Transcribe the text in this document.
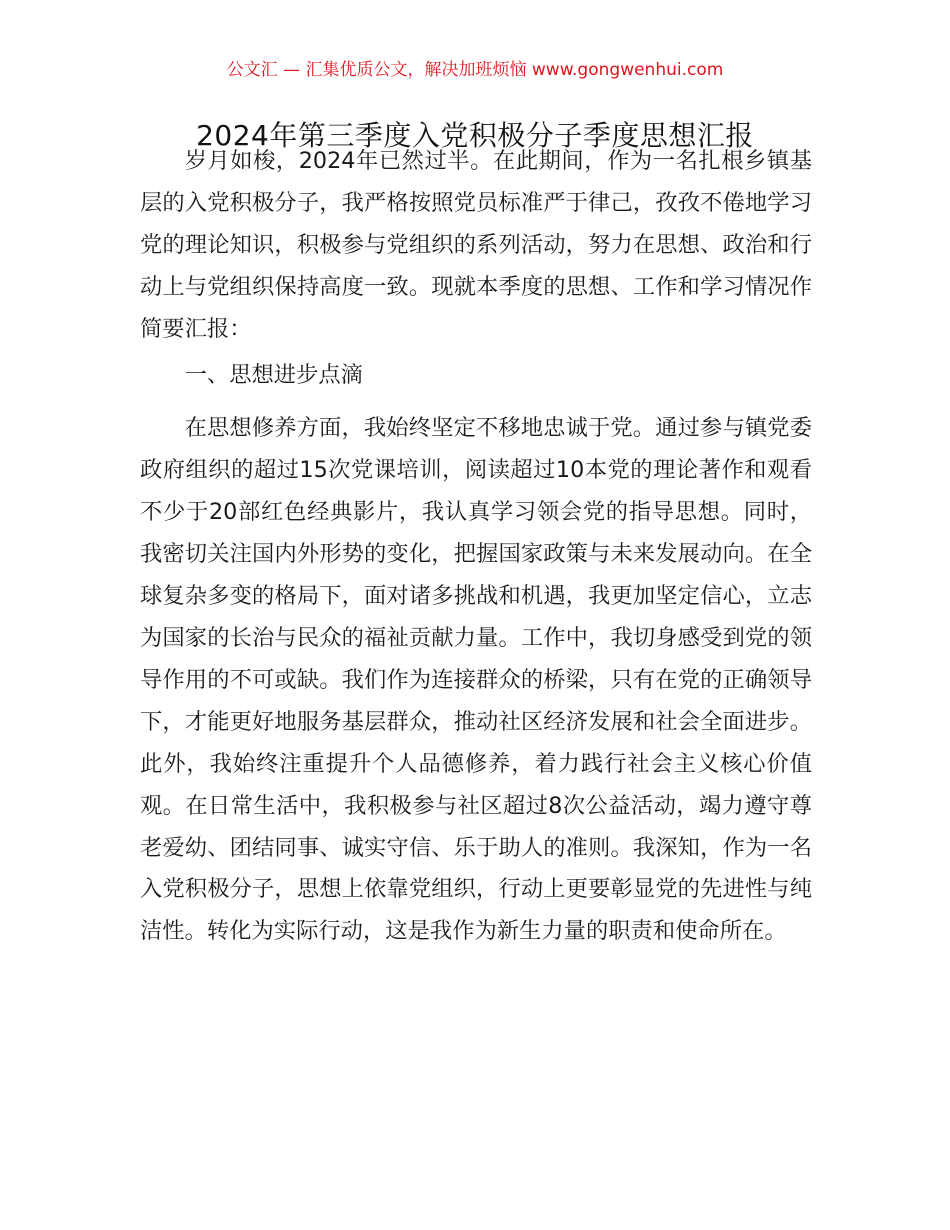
公文汇 — 汇集优质公文，解决加班烦恼 www.gongwenhui.com
2024年第三季度入党积极分子季度思想汇报

岁月如梭，2024年已然过半。在此期间，作为一名扎根乡镇基层的入党积极分子，我严格按照党员标准严于律己，孜孜不倦地学习党的理论知识，积极参与党组织的系列活动，努力在思想、政治和行动上与党组织保持高度一致。现就本季度的思想、工作和学习情况作简要汇报：

一、思想进步点滴

在思想修养方面，我始终坚定不移地忠诚于党。通过参与镇党委政府组织的超过15次党课培训，阅读超过10本党的理论著作和观看不少于20部红色经典影片，我认真学习领会党的指导思想。同时，我密切关注国内外形势的变化，把握国家政策与未来发展动向。在全球复杂多变的格局下，面对诸多挑战和机遇，我更加坚定信心，立志为国家的长治与民众的福祉贡献力量。工作中，我切身感受到党的领导作用的不可或缺。我们作为连接群众的桥梁，只有在党的正确领导下，才能更好地服务基层群众，推动社区经济发展和社会全面进步。此外，我始终注重提升个人品德修养，着力践行社会主义核心价值观。在日常生活中，我积极参与社区超过8次公益活动，竭力遵守尊老爱幼、团结同事、诚实守信、乐于助人的准则。我深知，作为一名入党积极分子，思想上依靠党组织，行动上更要彰显党的先进性与纯洁性。转化为实际行动，这是我作为新生力量的职责和使命所在。
